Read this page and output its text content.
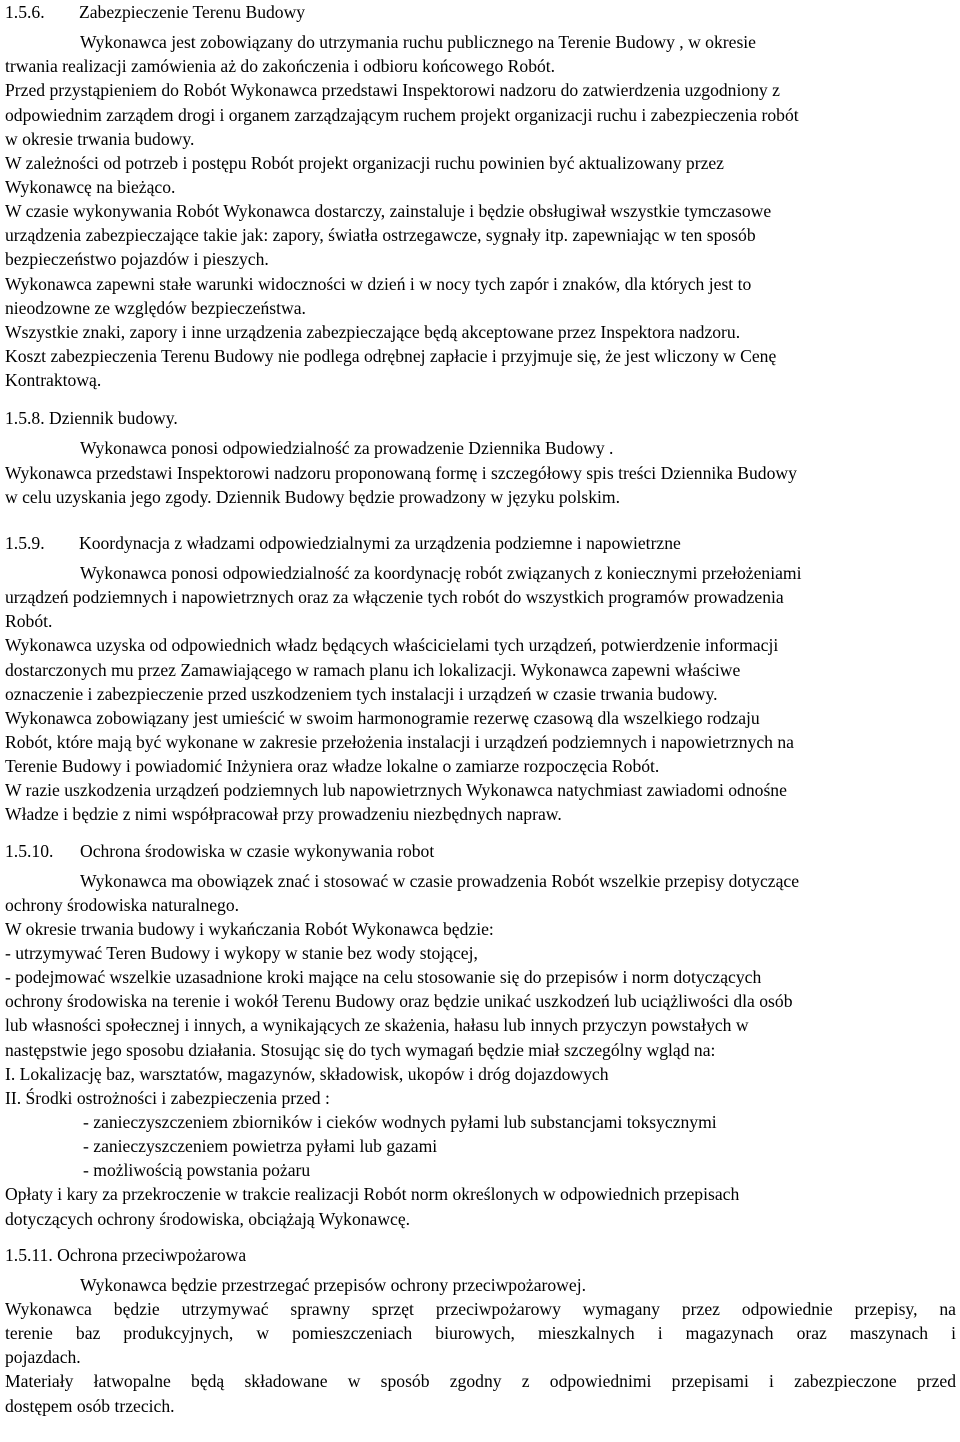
1.5.6. Zabezpieczenie Terenu Budowy
Wykonawca jest zobowiązany do utrzymania ruchu publicznego na Terenie Budowy , w okresie
trwania realizacji zamówienia aż do zakończenia i odbioru końcowego Robót.
Przed przystąpieniem do Robót Wykonawca przedstawi Inspektorowi nadzoru do zatwierdzenia uzgodniony z
odpowiednim zarządem drogi i organem zarządzającym ruchem projekt organizacji ruchu i zabezpieczenia robót
w okresie trwania budowy.
W zależności od potrzeb i postępu Robót projekt organizacji ruchu powinien być aktualizowany przez
Wykonawcę na bieżąco.
W czasie wykonywania Robót Wykonawca dostarczy, zainstaluje i będzie obsługiwał wszystkie tymczasowe
urządzenia zabezpieczające takie jak: zapory, światła ostrzegawcze, sygnały itp. zapewniając w ten sposób
bezpieczeństwo pojazdów i pieszych.
Wykonawca zapewni stałe warunki widoczności w dzień i w nocy tych zapór i znaków, dla których jest to
nieodzowne ze względów bezpieczeństwa.
Wszystkie znaki, zapory i inne urządzenia zabezpieczające będą akceptowane przez Inspektora nadzoru.
Koszt zabezpieczenia Terenu Budowy nie podlega odrębnej zapłacie i przyjmuje się, że jest wliczony w Cenę
Kontraktową.
1.5.8. Dziennik budowy.
Wykonawca ponosi odpowiedzialność za prowadzenie Dziennika Budowy .
Wykonawca przedstawi Inspektorowi nadzoru proponowaną formę i szczegółowy spis treści Dziennika Budowy
w celu uzyskania jego zgody. Dziennik Budowy będzie prowadzony w języku polskim.
1.5.9. Koordynacja z władzami odpowiedzialnymi za urządzenia podziemne i napowietrzne
Wykonawca ponosi odpowiedzialność za koordynację robót związanych z koniecznymi przełożeniami
urządzeń podziemnych i napowietrznych oraz za włączenie tych robót do wszystkich programów prowadzenia
Robót.
Wykonawca uzyska od odpowiednich władz będących właścicielami tych urządzeń, potwierdzenie informacji
dostarczonych mu przez Zamawiającego w ramach planu ich lokalizacji. Wykonawca zapewni właściwe
oznaczenie i zabezpieczenie przed uszkodzeniem tych instalacji i urządzeń w czasie trwania budowy.
Wykonawca zobowiązany jest umieścić w swoim harmonogramie rezerwę czasową dla wszelkiego rodzaju
Robót, które mają być wykonane w zakresie przełożenia instalacji i urządzeń podziemnych i napowietrznych na
Terenie Budowy i powiadomić Inżyniera oraz władze lokalne o zamiarze rozpoczęcia Robót.
W razie uszkodzenia urządzeń podziemnych lub napowietrznych Wykonawca natychmiast zawiadomi odnośne
Władze i będzie z nimi współpracował przy prowadzeniu niezbędnych napraw.
1.5.10. Ochrona środowiska w czasie wykonywania robot
Wykonawca ma obowiązek znać i stosować w czasie prowadzenia Robót wszelkie przepisy dotyczące
ochrony środowiska naturalnego.
W okresie trwania budowy i wykańczania Robót Wykonawca będzie:
- utrzymywać Teren Budowy i wykopy w stanie bez wody stojącej,
- podejmować wszelkie uzasadnione kroki mające na celu stosowanie się do przepisów i norm dotyczących
ochrony środowiska na terenie i wokół Terenu Budowy oraz będzie unikać uszkodzeń lub uciążliwości dla osób
lub własności społecznej i innych, a wynikających ze skażenia, hałasu lub innych przyczyn powstałych w
następstwie jego sposobu działania. Stosując się do tych wymagań będzie miał szczególny wgląd na:
I. Lokalizację baz, warsztatów, magazynów, składowisk, ukopów i dróg dojazdowych
II. Środki ostrożności i zabezpieczenia przed :
- zanieczyszczeniem zbiorników i cieków wodnych pyłami lub substancjami toksycznymi
- zanieczyszczeniem powietrza pyłami lub gazami
- możliwością powstania pożaru
Opłaty i kary za przekroczenie w trakcie realizacji Robót norm określonych w odpowiednich przepisach
dotyczących ochrony środowiska, obciążają Wykonawcę.
1.5.11. Ochrona przeciwpożarowa
Wykonawca będzie przestrzegać przepisów ochrony przeciwpożarowej.
Wykonawca będzie utrzymywać sprawny sprzęt przeciwpożarowy wymagany przez odpowiednie przepisy, na
terenie baz produkcyjnych, w pomieszczeniach biurowych, mieszkalnych i magazynach oraz maszynach i
pojazdach.
Materiały łatwopalne będą składowane w sposób zgodny z odpowiednimi przepisami i zabezpieczone przed
dostępem osób trzecich.
